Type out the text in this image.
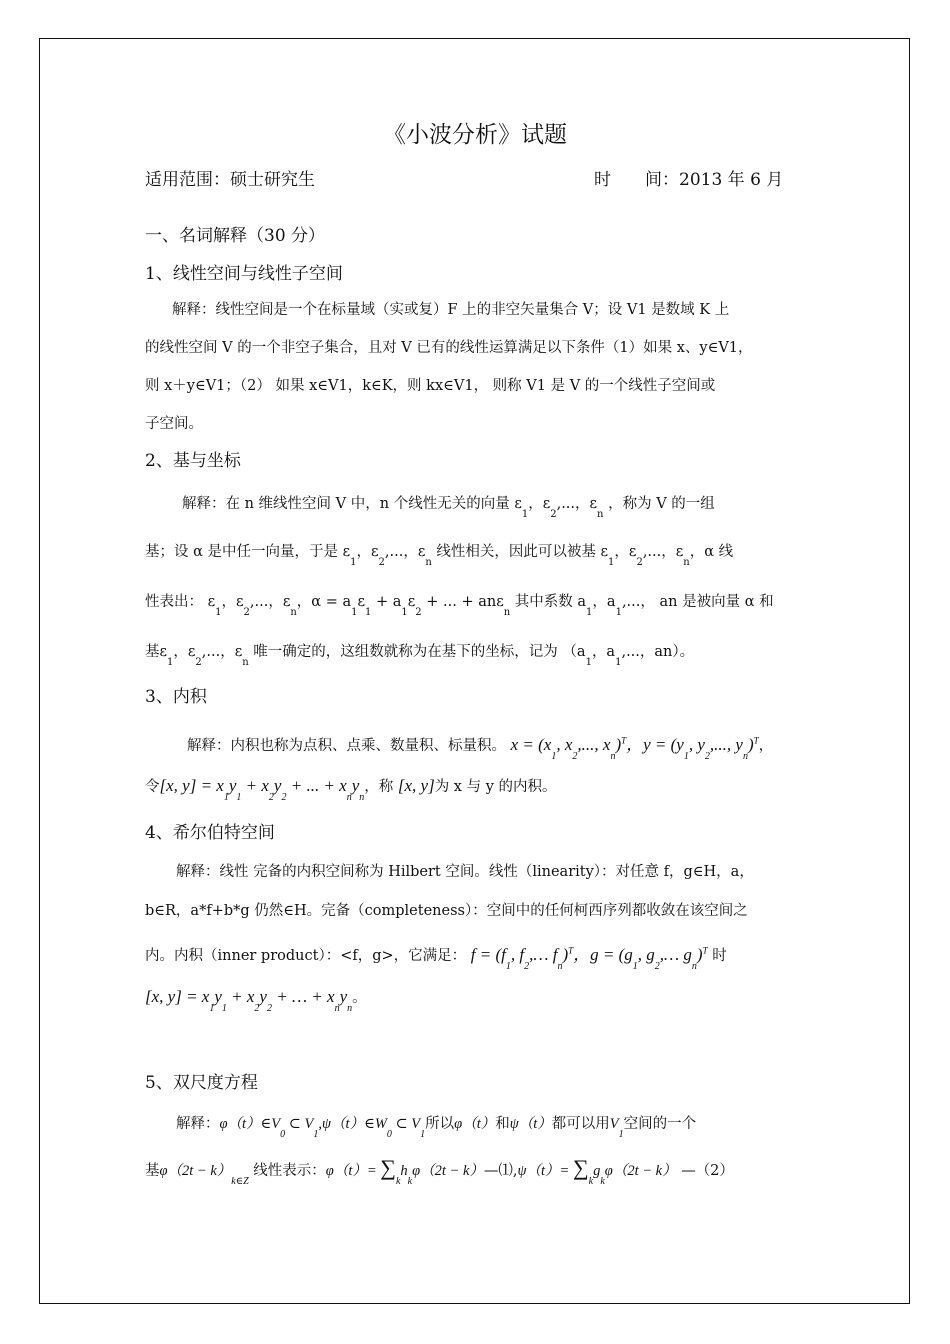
《小波分析》试题
适用范围：硕士研究生	时　　间：2013 年 6 月
一、名词解释（30 分）
1、线性空间与线性子空间
解释：线性空间是一个在标量域（实或复）F 上的非空矢量集合 V；设 V1 是数域 K 上
的线性空间 V 的一个非空子集合，且对 V 已有的线性运算满足以下条件（1）如果 x、y∈V1，
则 x＋y∈V1；（2） 如果 x∈V1，k∈K，则 kx∈V1， 则称 V1 是 V 的一个线性子空间或
子空间。
2、基与坐标
解释：在 n 维线性空间 V 中，n 个线性无关的向量 $\varepsilon_1$，$\varepsilon_2$,...，$\varepsilon_n$ ，称为 V 的一组
基；设 α 是中任一向量，于是 $\varepsilon_1$，$\varepsilon_2$,...，$\varepsilon_n$ 线性相关，因此可以被基 $\varepsilon_1$，$\varepsilon_2$,...，$\varepsilon_n$，α 线
性表出： $\varepsilon_1$，$\varepsilon_2$,...，$\varepsilon_n$，$\alpha = a_1\varepsilon_1 + a_1\varepsilon_2$ + ... + anε$_n$ 其中系数 $a_1$，$a_1$,...， an 是被向量 α 和
基$\varepsilon_1$，$\varepsilon_2$,...，$\varepsilon_n$ 唯一确定的，这组数就称为在基下的坐标，记为 （$a_1$，$a_1$,...，an）。
3、内积
解释：内积也称为点积、点乘、数量积、标量积。 $x = (x_1$, $x_2$,..., $x_n)^T$，$y = (y_1$, $y_2$,..., $y_n)^T$，
令[x, $y] = x_1y_1 + x_2y_2$ + ... + $x_ny_n$，称 [x, y]为 x 与 y 的内积。
4、希尔伯特空间
解释：线性 完备的内积空间称为 Hilbert 空间。线性（linearity）：对任意 f，g∈H，a，
b∈R，a*f+b*g 仍然∈H。完备（completeness）：空间中的任何柯西序列都收敛在该空间之
内。内积（inner product）：<f，g>，它满足： $f = (f_1$, $f_2,\dots$ $f_n)^T$，$g = (g_1$, $g_2,\dots$ $g_n)^T$ 时
[x, $y] = x_1y_1 + x_2y_2$ + … + $x_ny_n$。
5、双尺度方程
解释：$\varphi(t)\in V_0$ ⊂ $V_1,\psi(t)\in W_0$ ⊂ $V_1$所以φ（t）和ψ（t）都可以用$V_1$空间的一个
基$\varphi(2t - k)_{k\in Z}$ 线性表示：$\varphi(t)= \sum_kh_k\varphi(2t$ − k）—⑴,ψ（t）= $\sum_kg_k\varphi(2t - k)$ —（2）
